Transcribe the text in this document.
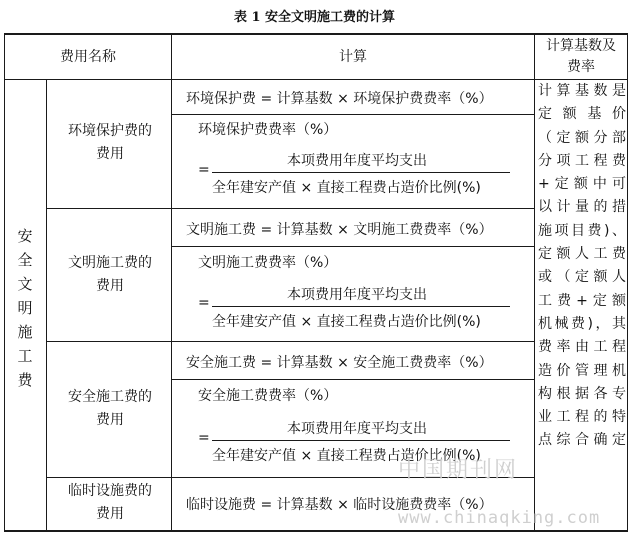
表 1 安全文明施工费的计算
费用名称	计算
计算基数及费率
安
全
文
明
施
工
费
环境保护费的
费用
环境保护费 = 计算基数 × 环境保护费费率（%）
环境保护费费率（%）
=
本项费用年度平均支出
全年建安产值 × 直接工程费占造价比例(%)
文明施工费的
费用
文明施工费 = 计算基数 × 文明施工费费率（%）
文明施工费费率（%）
=	本项费用年度平均支出
全年建安产值 × 直接工程费占造价比例(%)
安全施工费的
费用
安全施工费 = 计算基数 × 安全施工费费率（%）
安全施工费费率（%）
=
本项费用年度平均支出
全年建安产值 × 直接工程费占造价比例(%)
临时设施费的
费用
临时设施费 = 计算基数 × 临时设施费费率（%）
计算基数是
定 额 基 价
（定额分部
分项工程费
+定额中可
以计量的措
施项目费)、
定额人工费
或（定额人
工费+定额
机械费)，其
费率由工程
造价管理机
构根据各专
业工程的特
点综合确定
中国期刊网
www.chinaqking.com
